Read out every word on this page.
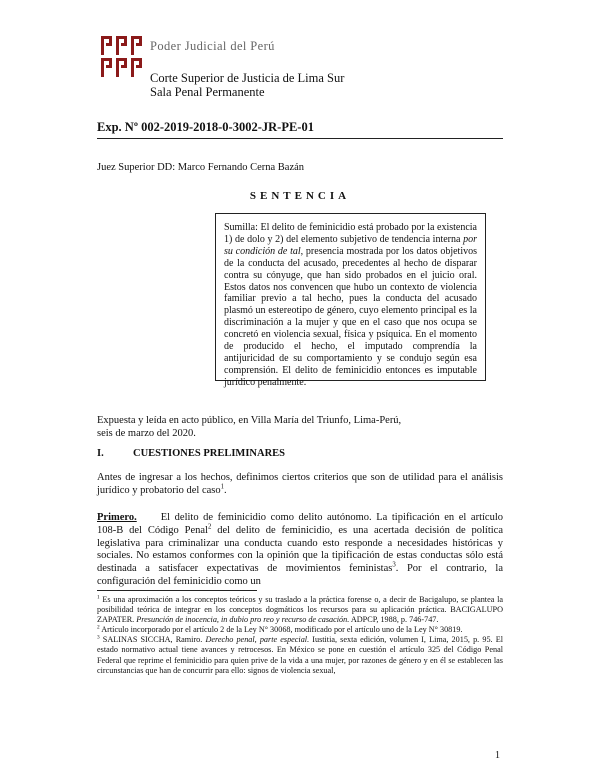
Poder Judicial del Perú
Corte Superior de Justicia de Lima Sur
Sala Penal Permanente
Exp. Nº 002-2019-2018-0-3002-JR-PE-01
Juez Superior DD: Marco Fernando Cerna Bazán
SENTENCIA
Sumilla: El delito de feminicidio está probado por la existencia 1) de dolo y 2) del elemento subjetivo de tendencia interna por su condición de tal, presencia mostrada por los datos objetivos de la conducta del acusado, precedentes al hecho de disparar contra su cónyuge, que han sido probados en el juicio oral. Estos datos nos convencen que hubo un contexto de violencia familiar previo a tal hecho, pues la conducta del acusado plasmó un estereotipo de género, cuyo elemento principal es la discriminación a la mujer y que en el caso que nos ocupa se concretó en violencia sexual, física y psíquica. En el momento de producido el hecho, el imputado comprendía la antijuricidad de su comportamiento y se condujo según esa comprensión. El delito de feminicidio entonces es imputable jurídico penalmente.
Expuesta y leída en acto público, en Villa María del Triunfo, Lima-Perú,
seis de marzo del 2020.
I.	CUESTIONES PRELIMINARES
Antes de ingresar a los hechos, definimos ciertos criterios que son de utilidad para el análisis jurídico y probatorio del caso$^1$.
Primero. El delito de feminicidio como delito autónomo. La tipificación en el artículo 108-B del Código Penal$^2$ del delito de feminicidio, es una acertada decisión de política legislativa para criminalizar una conducta cuando esto responde a necesidades históricas y sociales. No estamos conformes con la opinión que la tipificación de estas conductas sólo está destinada a satisfacer expectativas de movimientos feministas$^3$. Por el contrario, la configuración del feminicidio como un

$^1$ Es una aproximación a los conceptos teóricos y su traslado a la práctica forense o, a decir de Bacigalupo, se plantea la posibilidad teórica de integrar en los conceptos dogmáticos los recursos para su aplicación práctica. BACIGALUPO ZAPATER. Presunción de inocencia, in dubio pro reo y recurso de casación. ADPCP, 1988, p. 746-747.

$^2$ Artículo incorporado por el artículo 2 de la Ley N° 30068, modificado por el artículo uno de la Ley N° 30819.

$^3$ SALINAS SICCHA, Ramiro. Derecho penal, parte especial. Iustitia, sexta edición, volumen I, Lima, 2015, p. 95. El estado normativo actual tiene avances y retrocesos. En México se pone en cuestión el artículo 325 del Código Penal Federal que reprime el feminicidio para quien prive de la vida a una mujer, por razones de género y en él se establecen las circunstancias que han de concurrir para ello: signos de violencia sexual,

1
